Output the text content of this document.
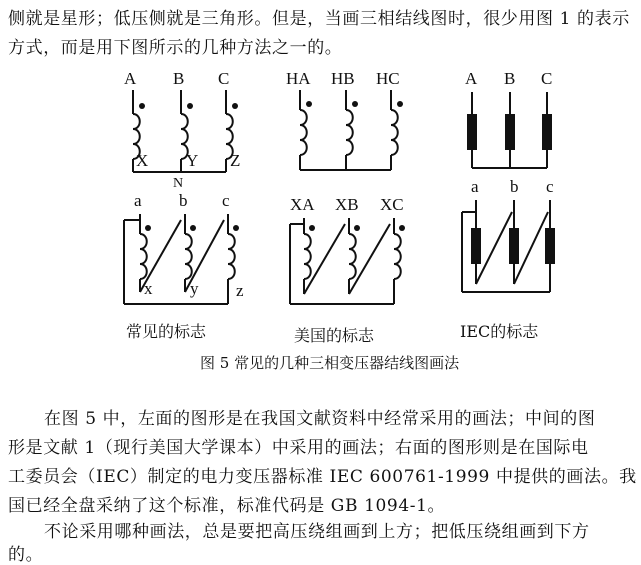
侧就是星形；低压侧就是三角形。但是，当画三相结线图时，很少用图 1 的表示
方式，而是用下图所示的几种方法之一的。
A B C
X Y Z
N
a b c
x y z
常见的标志
HA HB HC
XA XB XC
美国的标志
A B C
a b c
IEC的标志
图 5 常见的几种三相变压器结线图画法
在图 5 中，左面的图形是在我国文献资料中经常采用的画法；中间的图
形是文献 1（现行美国大学课本）中采用的画法；右面的图形则是在国际电
工委员会（IEC）制定的电力变压器标准 IEC 600761-1999 中提供的画法。我
国已经全盘采纳了这个标准，标准代码是 GB 1094-1。
不论采用哪种画法，总是要把高压绕组画到上方；把低压绕组画到下方
的。
